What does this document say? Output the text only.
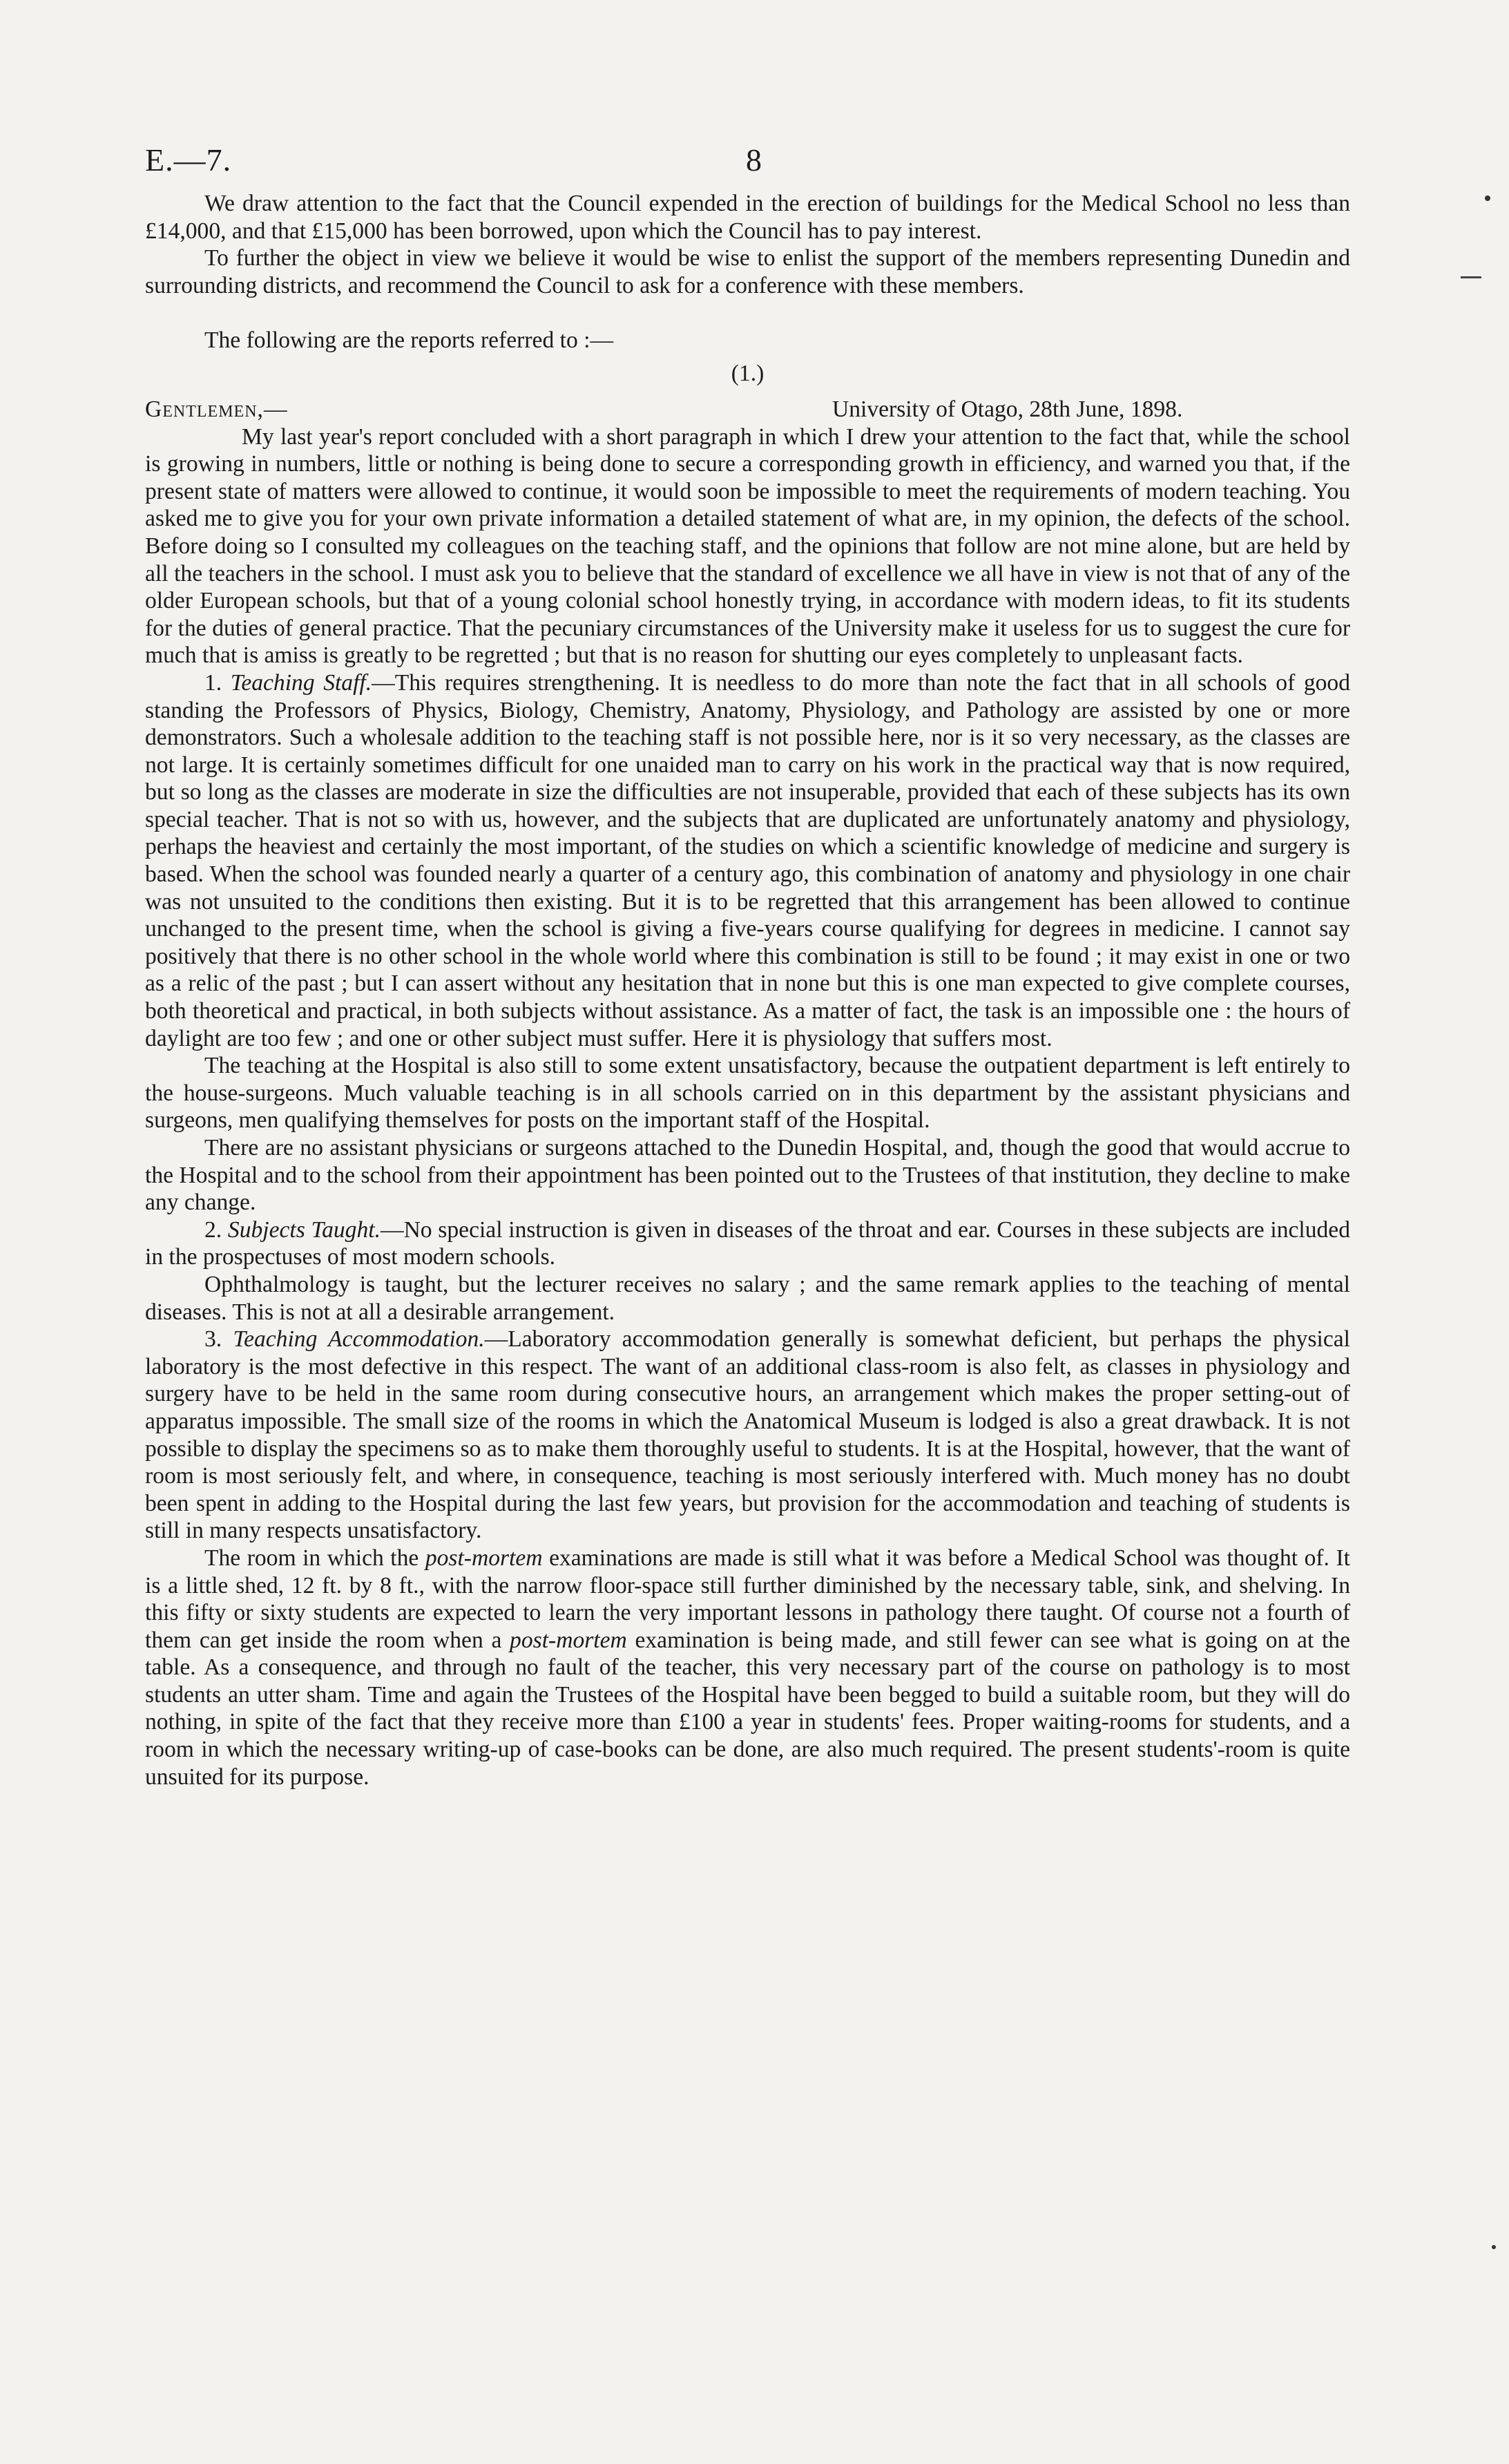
E.—7.	8

We draw attention to the fact that the Council expended in the erection of buildings for the Medical School no less than £14,000, and that £15,000 has been borrowed, upon which the Council has to pay interest.

To further the object in view we believe it would be wise to enlist the support of the members representing Dunedin and surrounding districts, and recommend the Council to ask for a conference with these members.

The following are the reports referred to :—

(1.)
Gentlemen,—	University of Otago, 28th June, 1898.

My last year's report concluded with a short paragraph in which I drew your attention to the fact that, while the school is growing in numbers, little or nothing is being done to secure a corresponding growth in efficiency, and warned you that, if the present state of matters were allowed to continue, it would soon be impossible to meet the requirements of modern teaching. You asked me to give you for your own private information a detailed statement of what are, in my opinion, the defects of the school. Before doing so I consulted my colleagues on the teaching staff, and the opinions that follow are not mine alone, but are held by all the teachers in the school. I must ask you to believe that the standard of excellence we all have in view is not that of any of the older European schools, but that of a young colonial school honestly trying, in accordance with modern ideas, to fit its students for the duties of general practice. That the pecuniary circumstances of the University make it useless for us to suggest the cure for much that is amiss is greatly to be regretted ; but that is no reason for shutting our eyes completely to unpleasant facts.

1. Teaching Staff.—This requires strengthening. It is needless to do more than note the fact that in all schools of good standing the Professors of Physics, Biology, Chemistry, Anatomy, Physiology, and Pathology are assisted by one or more demonstrators. Such a wholesale addition to the teaching staff is not possible here, nor is it so very necessary, as the classes are not large. It is certainly sometimes difficult for one unaided man to carry on his work in the practical way that is now required, but so long as the classes are moderate in size the difficulties are not insuperable, provided that each of these subjects has its own special teacher. That is not so with us, however, and the subjects that are duplicated are unfortunately anatomy and physiology, perhaps the heaviest and certainly the most important, of the studies on which a scientific knowledge of medicine and surgery is based. When the school was founded nearly a quarter of a century ago, this combination of anatomy and physiology in one chair was not unsuited to the conditions then existing. But it is to be regretted that this arrangement has been allowed to continue unchanged to the present time, when the school is giving a five-years course qualifying for degrees in medicine. I cannot say positively that there is no other school in the whole world where this combination is still to be found ; it may exist in one or two as a relic of the past ; but I can assert without any hesitation that in none but this is one man expected to give complete courses, both theoretical and practical, in both subjects without assistance. As a matter of fact, the task is an impossible one : the hours of daylight are too few ; and one or other subject must suffer. Here it is physiology that suffers most.

The teaching at the Hospital is also still to some extent unsatisfactory, because the outpatient department is left entirely to the house-surgeons. Much valuable teaching is in all schools carried on in this department by the assistant physicians and surgeons, men qualifying themselves for posts on the important staff of the Hospital.

There are no assistant physicians or surgeons attached to the Dunedin Hospital, and, though the good that would accrue to the Hospital and to the school from their appointment has been pointed out to the Trustees of that institution, they decline to make any change.

2. Subjects Taught.—No special instruction is given in diseases of the throat and ear. Courses in these subjects are included in the prospectuses of most modern schools.

Ophthalmology is taught, but the lecturer receives no salary ; and the same remark applies to the teaching of mental diseases. This is not at all a desirable arrangement.

3. Teaching Accommodation.—Laboratory accommodation generally is somewhat deficient, but perhaps the physical laboratory is the most defective in this respect. The want of an additional class-room is also felt, as classes in physiology and surgery have to be held in the same room during consecutive hours, an arrangement which makes the proper setting-out of apparatus impossible. The small size of the rooms in which the Anatomical Museum is lodged is also a great drawback. It is not possible to display the specimens so as to make them thoroughly useful to students. It is at the Hospital, however, that the want of room is most seriously felt, and where, in consequence, teaching is most seriously interfered with. Much money has no doubt been spent in adding to the Hospital during the last few years, but provision for the accommodation and teaching of students is still in many respects unsatisfactory.

The room in which the post-mortem examinations are made is still what it was before a Medical School was thought of. It is a little shed, 12 ft. by 8 ft., with the narrow floor-space still further diminished by the necessary table, sink, and shelving. In this fifty or sixty students are expected to learn the very important lessons in pathology there taught. Of course not a fourth of them can get inside the room when a post-mortem examination is being made, and still fewer can see what is going on at the table. As a consequence, and through no fault of the teacher, this very necessary part of the course on pathology is to most students an utter sham. Time and again the Trustees of the Hospital have been begged to build a suitable room, but they will do nothing, in spite of the fact that they receive more than £100 a year in students' fees. Proper waiting-rooms for students, and a room in which the necessary writing-up of case-books can be done, are also much required. The present students'-room is quite unsuited for its purpose.
